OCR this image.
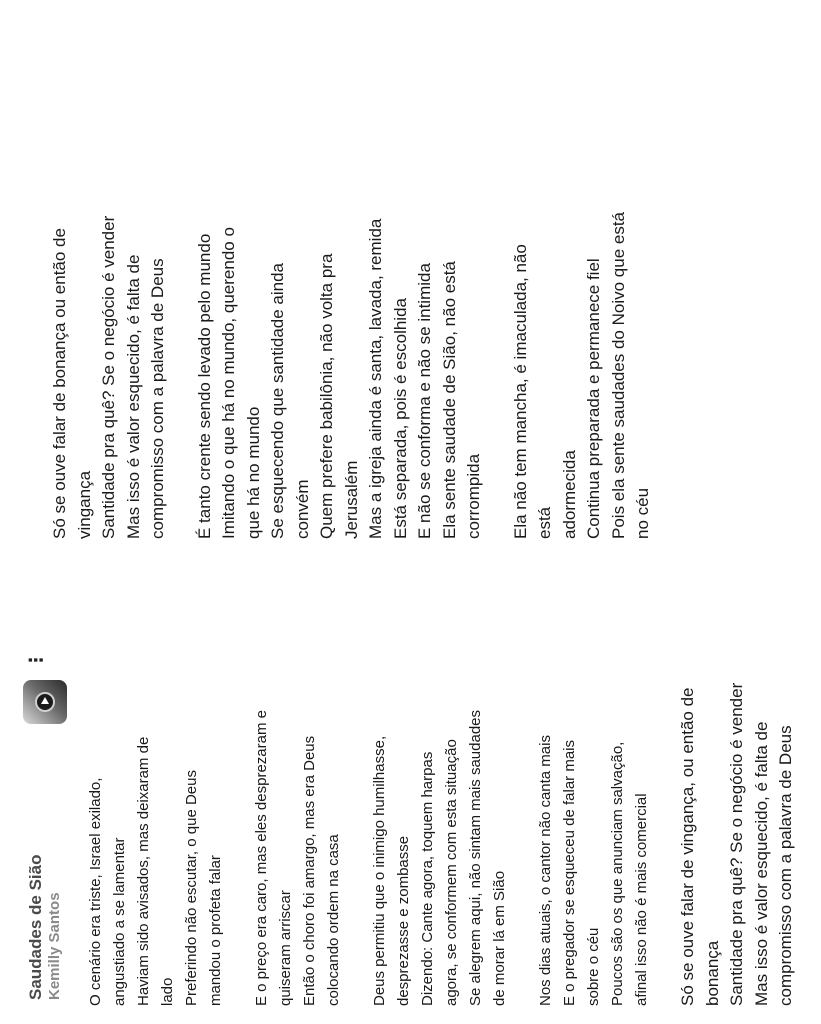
Saudades de Sião Kemilly Santos
⋮
O cenário era triste, Israel exilado, angustiado a se lamentar Haviam sido avisados, mas deixaram de lado Preferindo não escutar, o que Deus mandou o profeta falar E o preço era caro, mas eles desprezaram e quiseram arriscar Então o choro foi amargo, mas era Deus colocando ordem na casa Deus permitiu que o inimigo humilhasse, desprezasse e zombasse Dizendo: Cante agora, toquem harpas agora, se conformem com esta situação Se alegrem aqui, não sintam mais saudades de morar lá em Sião Nos dias atuais, o cantor não canta mais E o pregador se esqueceu de falar mais sobre o céu Poucos são os que anunciam salvação, afinal isso não é mais comercial Só se ouve falar de vingança, ou então de bonança Santidade pra quê? Se o negócio é vender Mas isso é valor esquecido, é falta de compromisso com a palavra de Deus
Só se ouve falar de bonança ou então de vingança Santidade pra quê? Se o negócio é vender Mas isso é valor esquecido, é falta de compromisso com a palavra de Deus É tanto crente sendo levado pelo mundo Imitando o que há no mundo, querendo o que há no mundo Se esquecendo que santidade ainda convém Quem prefere babilônia, não volta pra Jerusalém Mas a igreja ainda é santa, lavada, remida Está separada, pois é escolhida E não se conforma e não se intimida Ela sente saudade de Sião, não está corrompida Ela não tem mancha, é imaculada, não está adormecida Continua preparada e permanece fiel Pois ela sente saudades do Noivo que está no céu
